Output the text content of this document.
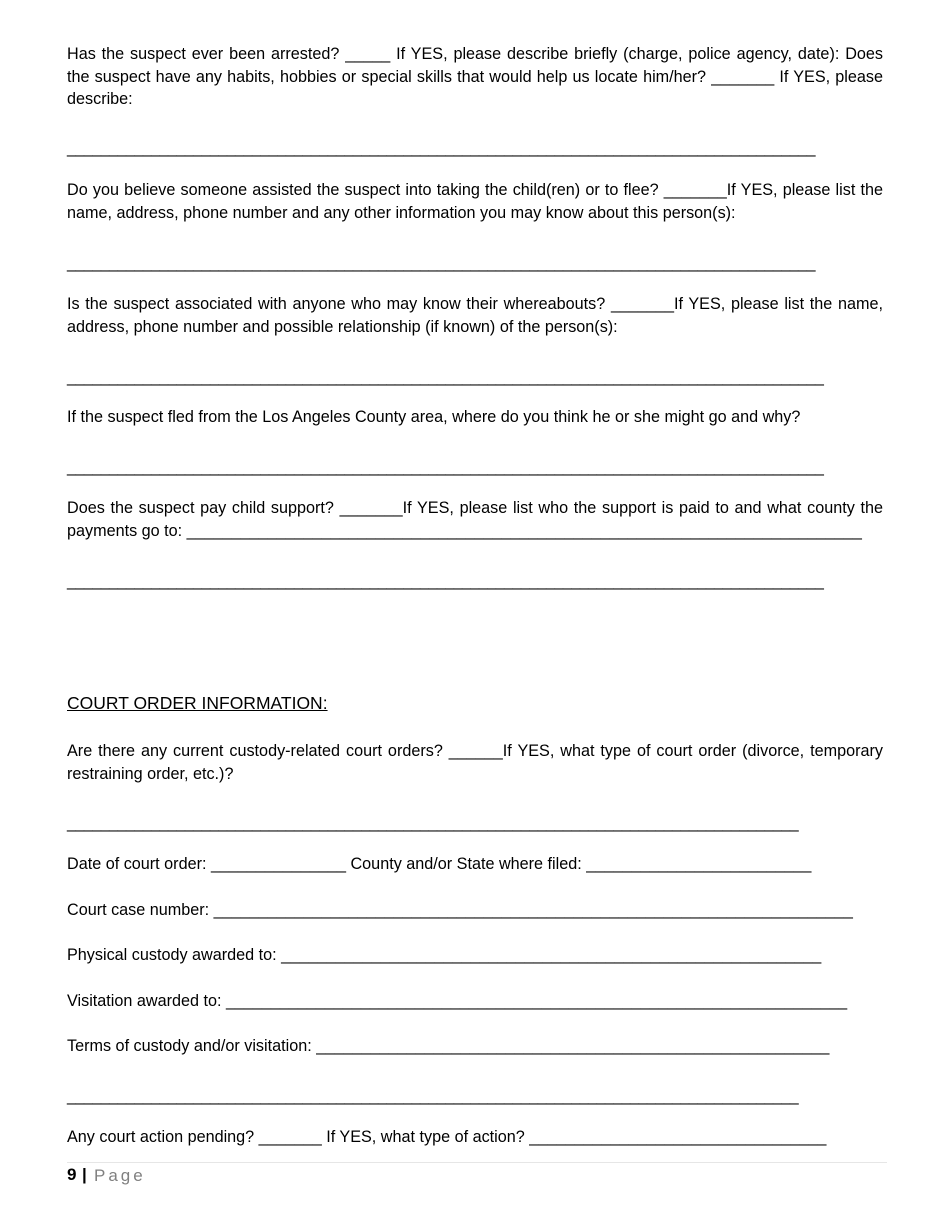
Has the suspect ever been arrested? _____ If YES, please describe briefly (charge, police agency, date): Does the suspect have any habits, hobbies or special skills that would help us locate him/her? _______ If YES, please describe:

_________________________________________________________________________________________

Do you believe someone assisted the suspect into taking the child(ren) or to flee? _______If YES, please list the name, address, phone number and any other information you may know about this person(s):

_________________________________________________________________________________________

Is the suspect associated with anyone who may know their whereabouts? _______If YES, please list the name, address, phone number and possible relationship (if known) of the person(s):

__________________________________________________________________________________________

If the suspect fled from the Los Angeles County area, where do you think he or she might go and why?

__________________________________________________________________________________________

Does the suspect pay child support? _______If YES, please list who the support is paid to and what county the payments go to: ___________________________________________________________________________

__________________________________________________________________________________________

COURT ORDER INFORMATION:

Are there any current custody-related court orders? ______If YES, what type of court order (divorce, temporary restraining order, etc.)?

_______________________________________________________________________________________

Date of court order: _______________ County and/or State where filed: _________________________

Court case number: _______________________________________________________________________

Physical custody awarded to: ____________________________________________________________

Visitation awarded to: _____________________________________________________________________

Terms of custody and/or visitation: _________________________________________________________

_______________________________________________________________________________________

Any court action pending? _______ If YES, what type of action? _________________________________

9 | Page
